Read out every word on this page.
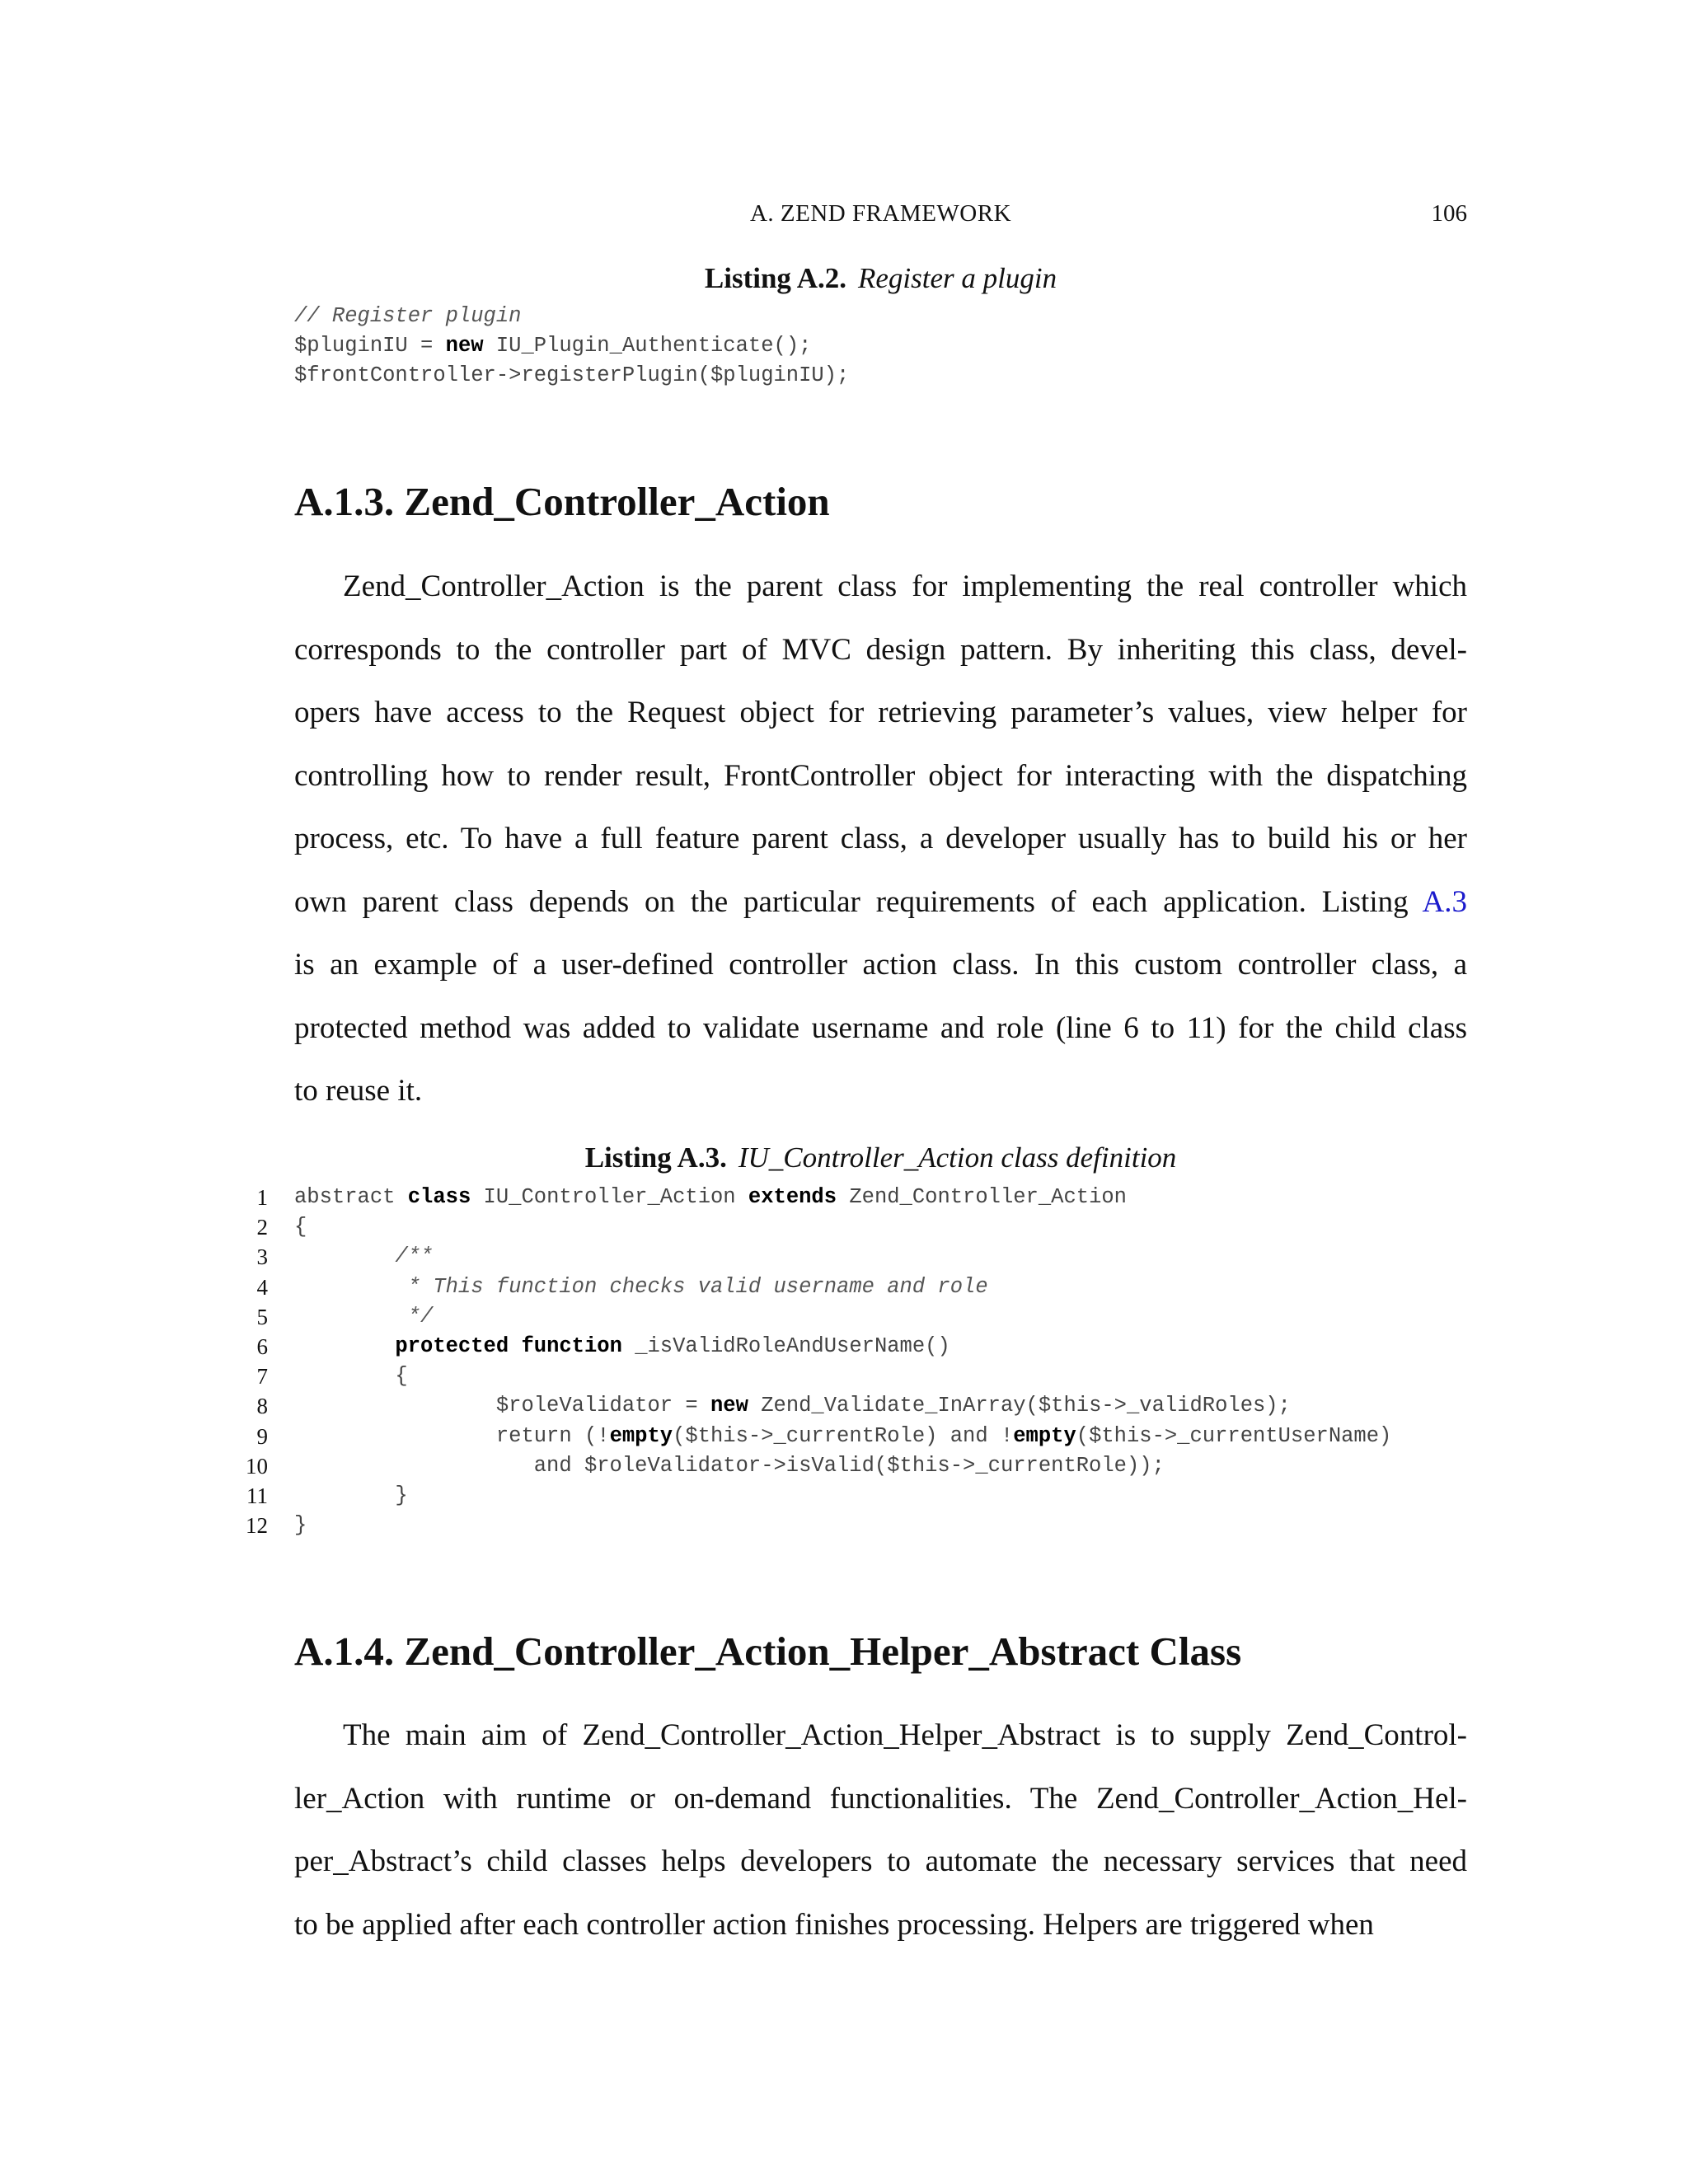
A. ZEND FRAMEWORK	106
Listing A.2. Register a plugin
// Register plugin
$pluginIU = new IU_Plugin_Authenticate();
$frontController->registerPlugin($pluginIU);
A.1.3. Zend_Controller_Action
Zend_Controller_Action is the parent class for implementing the real controller which
corresponds to the controller part of MVC design pattern. By inheriting this class, devel-
opers have access to the Request object for retrieving parameter’s values, view helper for
controlling how to render result, FrontController object for interacting with the dispatching
process, etc. To have a full feature parent class, a developer usually has to build his or her
own parent class depends on the particular requirements of each application. Listing A.3
is an example of a user-defined controller action class. In this custom controller class, a
protected method was added to validate username and role (line 6 to 11) for the child class
to reuse it.
Listing A.3. IU_Controller_Action class definition
1 abstract class IU_Controller_Action extends Zend_Controller_Action
2 {
3 /**
4 * This function checks valid username and role
5 */
6	protected function _isValidRoleAndUserName()
7 {
8 $roleValidator = new Zend_Validate_InArray($this->_validRoles);
9 return (!empty($this->_currentRole) and !empty($this->_currentUserName)
10 and $roleValidator->isValid($this->_currentRole));
11 }
12 }
A.1.4. Zend_Controller_Action_Helper_Abstract Class
The main aim of Zend_Controller_Action_Helper_Abstract is to supply Zend_Control-
ler_Action with runtime or on-demand functionalities. The Zend_Controller_Action_Hel-
per_Abstract’s child classes helps developers to automate the necessary services that need
to be applied after each controller action finishes processing. Helpers are triggered when
